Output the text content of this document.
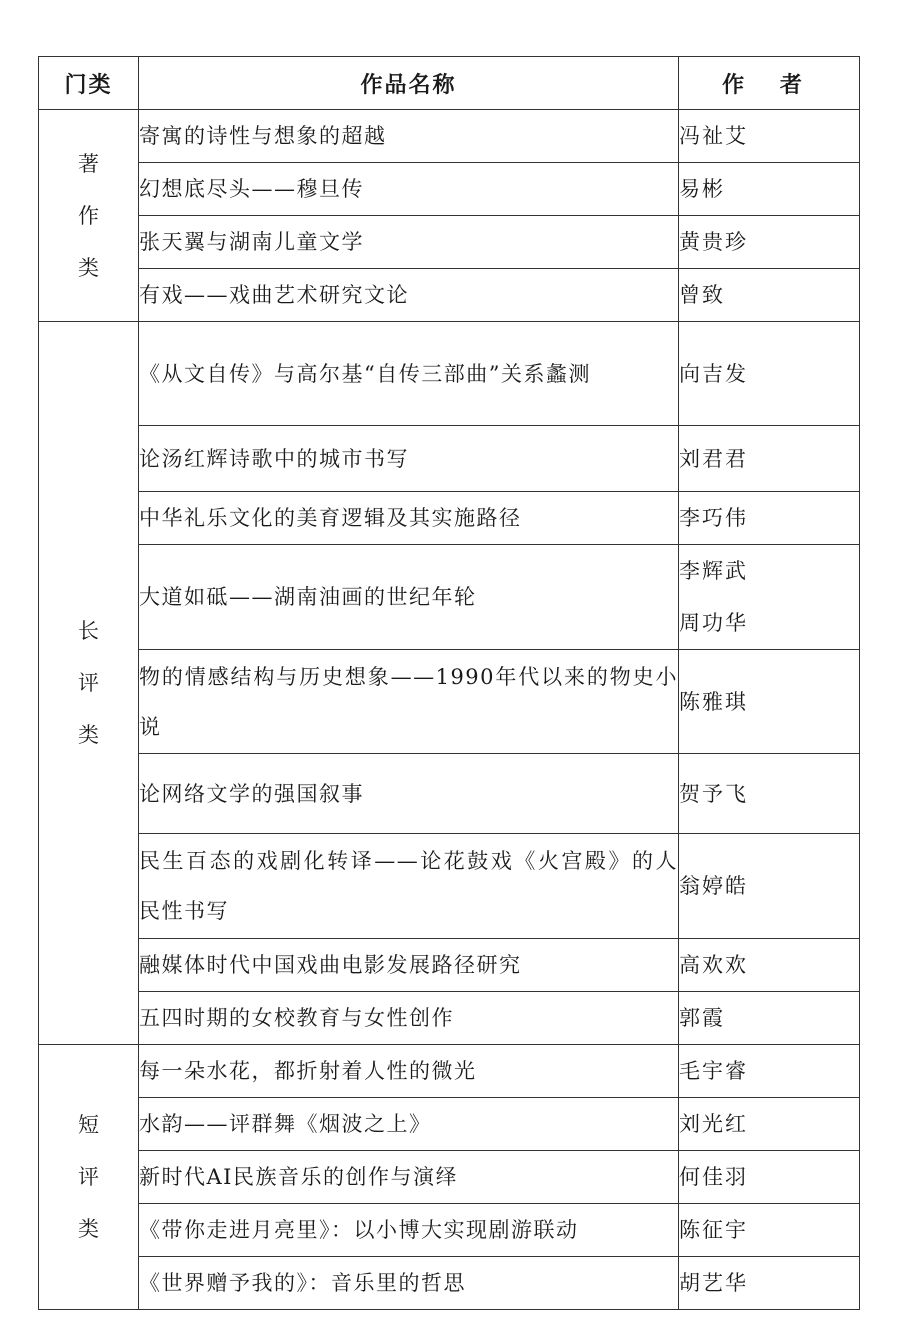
门类	作品名称	作 者
著作类	寄寓的诗性与想象的超越	冯祉艾

	幻想底尽头——穆旦传	易彬

	张天翼与湖南儿童文学	黄贵珍

	有戏——戏曲艺术研究文论	曾致

长评类	《从文自传》与高尔基“自传三部曲”关系蠡测	向吉发

	论汤红辉诗歌中的城市书写	刘君君

	中华礼乐文化的美育逻辑及其实施路径	李巧伟

	大道如砥——湖南油画的世纪年轮	李辉武
周功华

	物的情感结构与历史想象——1990年代以来的物史小说	陈雅琪

	论网络文学的强国叙事	贺予飞

	民生百态的戏剧化转译——论花鼓戏《火宫殿》的人民性书写	翁婷皓

	融媒体时代中国戏曲电影发展路径研究	高欢欢

	五四时期的女校教育与女性创作	郭霞

短评类	每一朵水花，都折射着人性的微光	毛宇睿

	水韵——评群舞《烟波之上》	刘光红

	新时代AI民族音乐的创作与演绎	何佳羽

	《带你走进月亮里》：以小博大实现剧游联动	陈征宇

	《世界赠予我的》：音乐里的哲思	胡艺华
